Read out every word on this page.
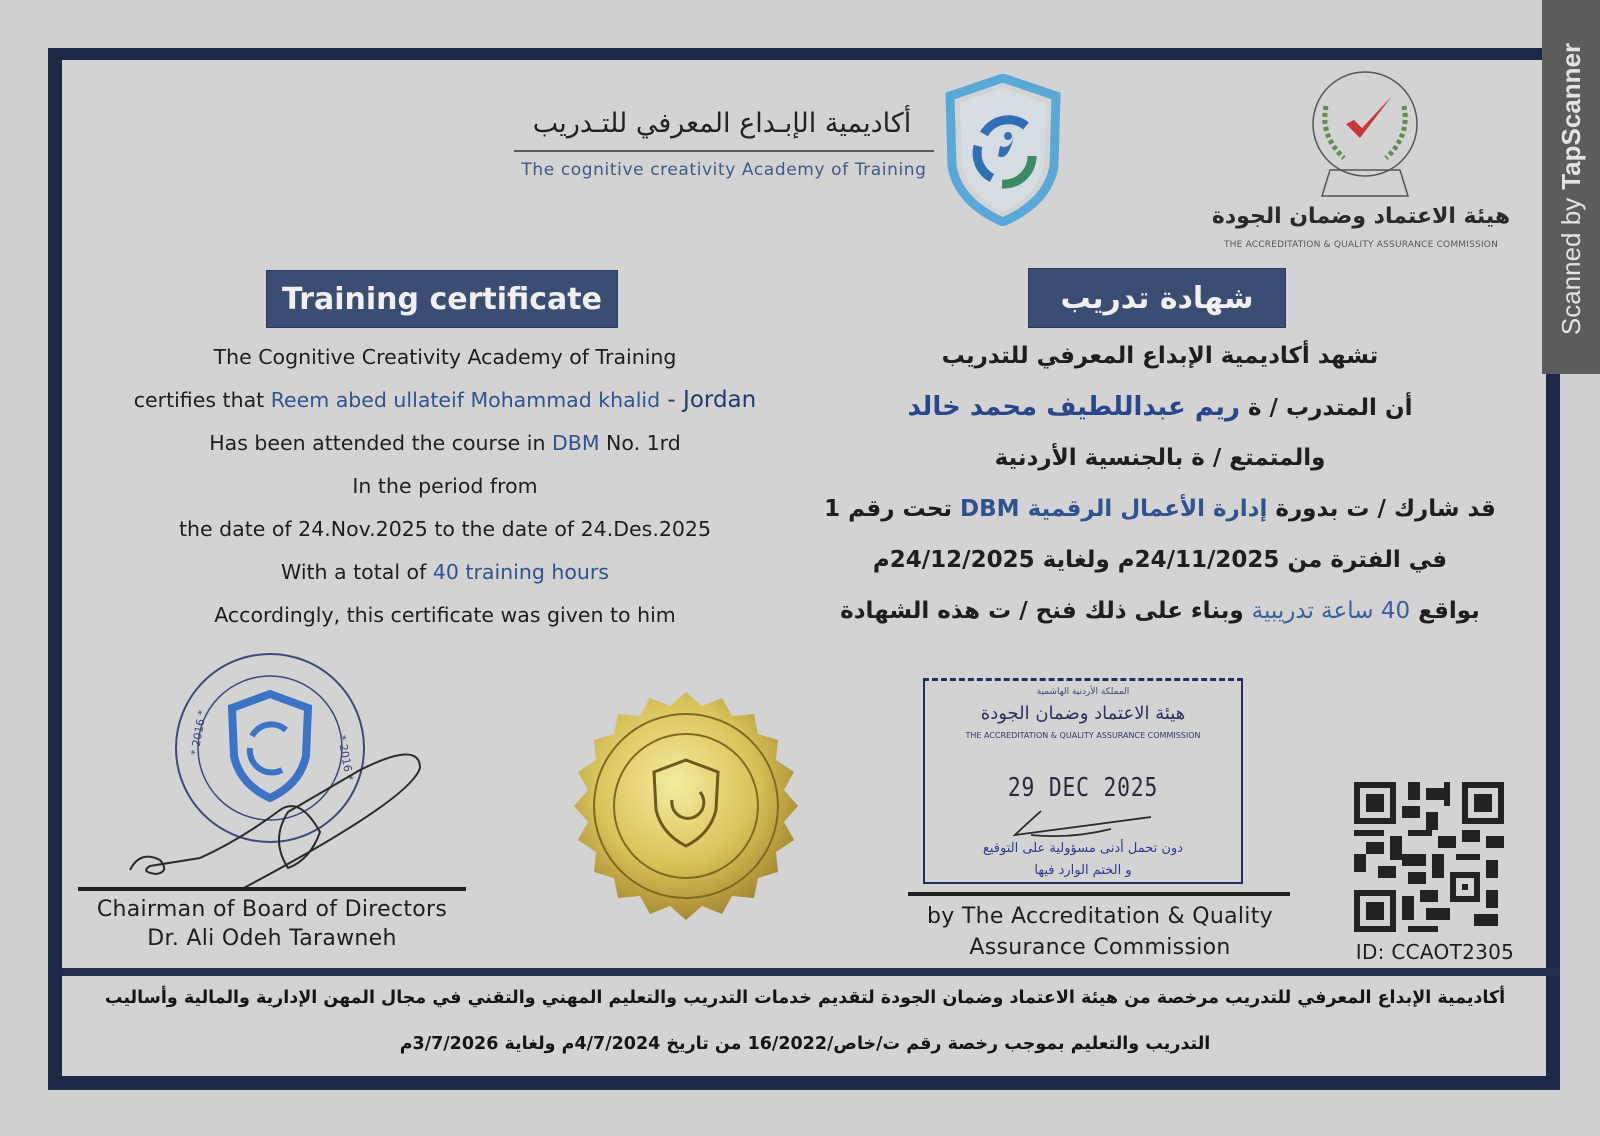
أكاديمية الإبـداع المعرفي للتـدريب
The cognitive creativity Academy of Training
هيئة الاعتماد وضمان الجودة
THE ACCREDITATION & QUALITY ASSURANCE COMMISSION
Training certificate	شهادة تدريب
The Cognitive Creativity Academy of Training
certifies that Reem abed ullateif Mohammad khalid - Jordan
Has been attended the course in DBM No. 1rd
In the period from
the date of 24.Nov.2025 to the date of 24.Des.2025
With a total of 40 training hours
Accordingly, this certificate was given to him
تشهد أكاديمية الإبداع المعرفي للتدريب
أن المتدرب / ة ريم عبداللطيف محمد خالد
والمتمتع / ة بالجنسية الأردنية
قد شارك / ت بدورة إدارة الأعمال الرقمية DBM تحت رقم 1
في الفترة من 24/11/2025م ولغاية 24/12/2025م
بواقع 40 ساعة تدريبية وبناء على ذلك فنح / ت هذه الشهادة
* 2016 *
* 2016 *
Chairman of Board of Directors
Dr. Ali Odeh Tarawneh
المملكة الأردنية الهاشمية
هيئة الاعتماد وضمان الجودة
THE ACCREDITATION & QUALITY ASSURANCE COMMISSION
29 DEC 2025
دون تحمل أدنى مسؤولية على التوقيع
و الختم الوارد فيها
by The Accreditation & Quality
Assurance Commission	ID: CCAOT2305
أكاديمية الإبداع المعرفي للتدريب مرخصة من هيئة الاعتماد وضمان الجودة لتقديم خدمات التدريب والتعليم المهني والتقني في مجال المهن الإدارية والمالية وأساليب
التدريب والتعليم بموجب رخصة رقم ت/خاص/16/2022 من تاريخ 4/7/2024م ولغاية 3/7/2026م
Scanned by
TapScanner
